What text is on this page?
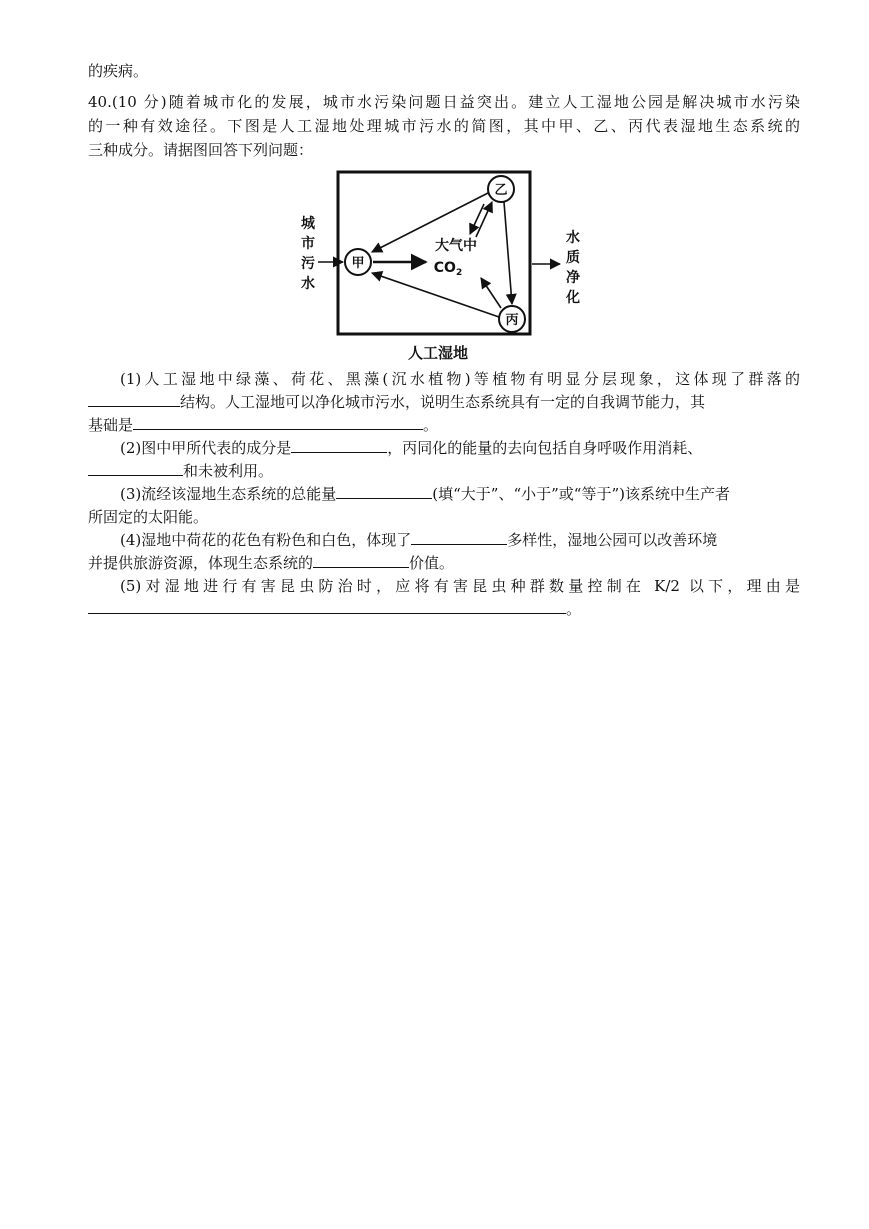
的疾病。
40.(10 分)随着城市化的发展，城市水污染问题日益突出。建立人工湿地公园是解决城市水污染
的一种有效途径。下图是人工湿地处理城市污水的简图，其中甲、乙、丙代表湿地生态系统的
三种成分。请据图回答下列问题：
城
市
污
水
甲
乙
丙
大气中
$CO_2$
水
质
净
化
人工湿地
(1)人工湿地中绿藻、荷花、黑藻(沉水植物)等植物有明显分层现象，这体现了群落的
结构。人工湿地可以净化城市污水，说明生态系统具有一定的自我调节能力，其
基础是	。
(2)图中甲所代表的成分是	，丙同化的能量的去向包括自身呼吸作用消耗、
和未被利用。
(3)流经该湿地生态系统的总能量	(填“大于”、“小于”或“等于”)该系统中生产者
所固定的太阳能。
(4)湿地中荷花的花色有粉色和白色，体现了	多样性，湿地公园可以改善环境
并提供旅游资源，体现生态系统的	价值。
(5)对湿地进行有害昆虫防治时，应将有害昆虫种群数量控制在 K/2 以下，理由是
。
